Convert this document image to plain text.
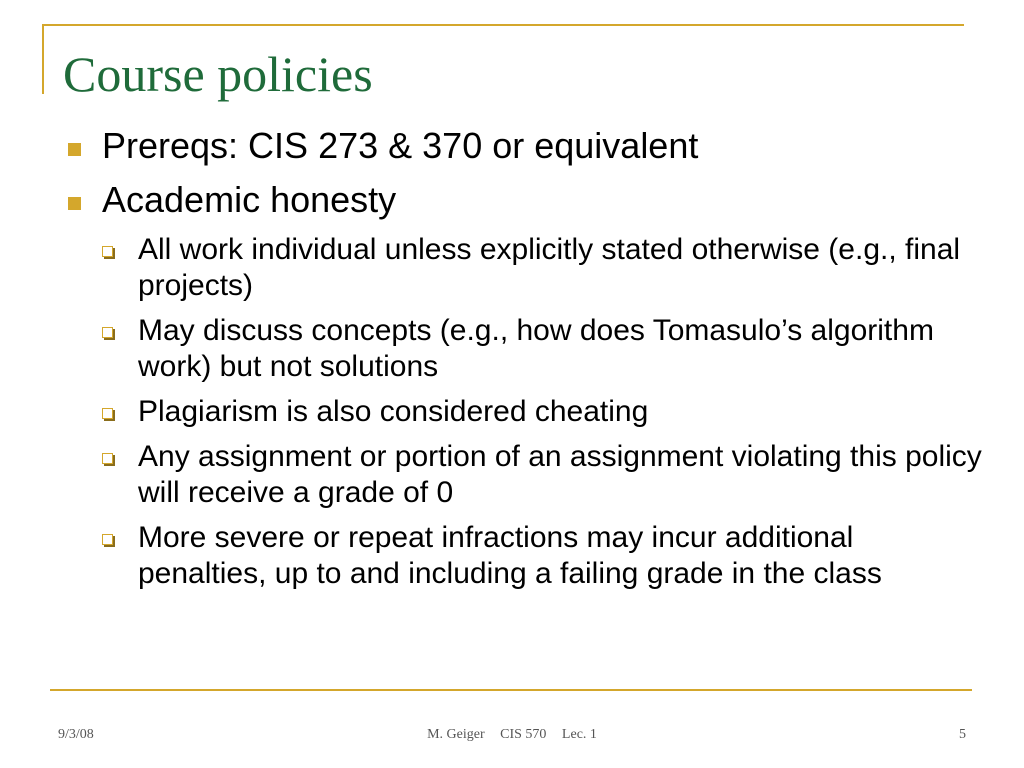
Course policies
Prereqs: CIS 273 & 370 or equivalent
Academic honesty
All work individual unless explicitly stated otherwise (e.g., final projects)
May discuss concepts (e.g., how does Tomasulo’s algorithm work) but not solutions
Plagiarism is also considered cheating
Any assignment or portion of an assignment violating this policy will receive a grade of 0
More severe or repeat infractions may incur additional penalties, up to and including a failing grade in the class
9/3/08	M. Geiger CIS 570 Lec. 1	5
